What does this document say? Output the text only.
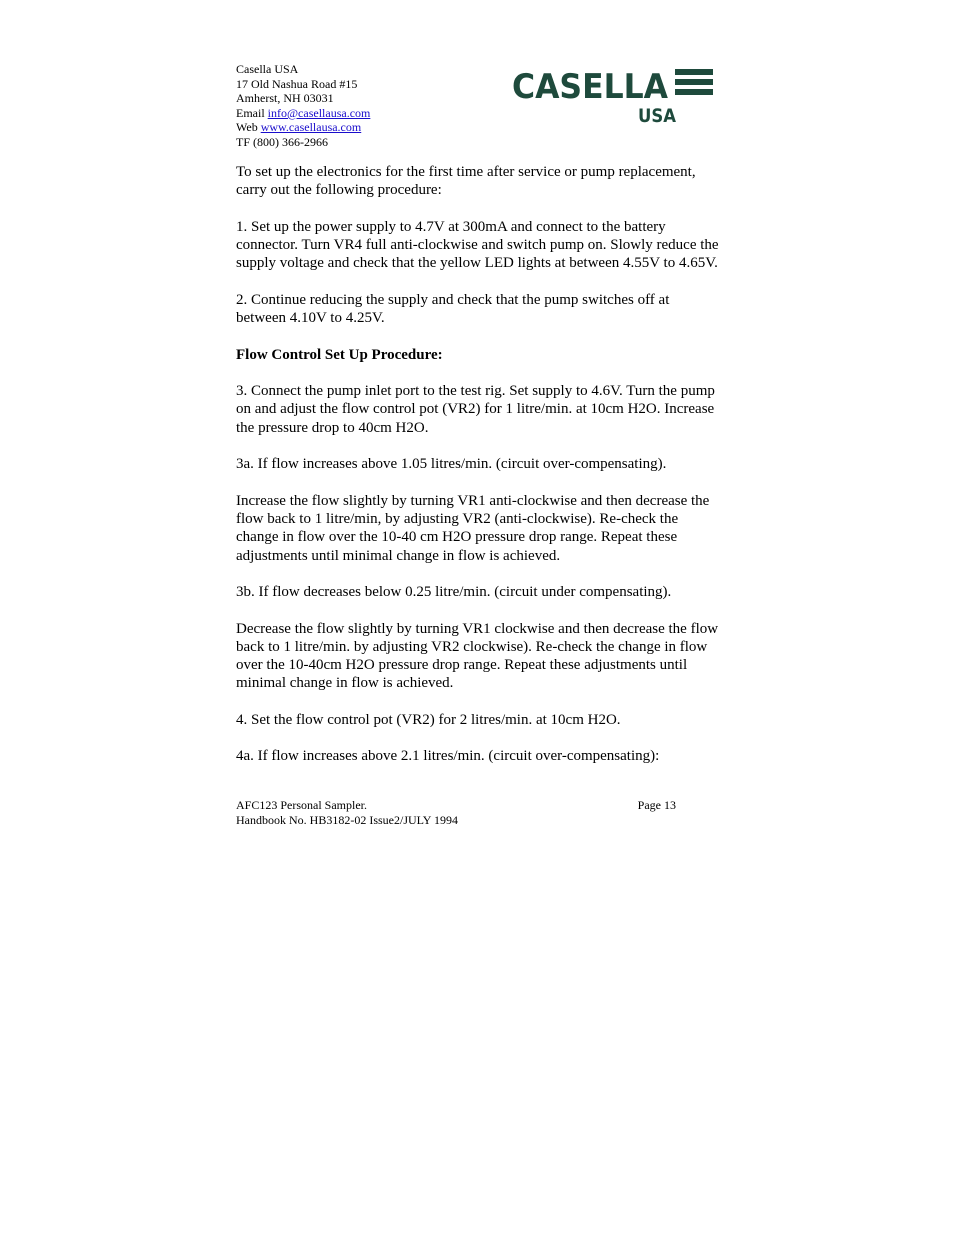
Casella USA
17 Old Nashua Road #15
Amherst, NH 03031
Email info@casellausa.com
Web www.casellausa.com
TF (800) 366-2966
CASELLA
USA

To set up the electronics for the first time after service or pump replacement, carry out the following procedure:

1. Set up the power supply to 4.7V at 300mA and connect to the battery connector. Turn VR4 full anti-clockwise and switch pump on. Slowly reduce the supply voltage and check that the yellow LED lights at between 4.55V to 4.65V.

2. Continue reducing the supply and check that the pump switches off at between 4.10V to 4.25V.

Flow Control Set Up Procedure:

3. Connect the pump inlet port to the test rig. Set supply to 4.6V. Turn the pump on and adjust the flow control pot (VR2) for 1 litre/min. at 10cm H2O. Increase the pressure drop to 40cm H2O.

3a. If flow increases above 1.05 litres/min. (circuit over-compensating).

Increase the flow slightly by turning VR1 anti-clockwise and then decrease the flow back to 1 litre/min, by adjusting VR2 (anti-clockwise). Re-check the change in flow over the 10-40 cm H2O pressure drop range. Repeat these adjustments until minimal change in flow is achieved.

3b. If flow decreases below 0.25 litre/min. (circuit under compensating).

Decrease the flow slightly by turning VR1 clockwise and then decrease the flow back to 1 litre/min. by adjusting VR2 clockwise). Re-check the change in flow over the 10-40cm H2O pressure drop range. Repeat these adjustments until minimal change in flow is achieved.

4. Set the flow control pot (VR2) for 2 litres/min. at 10cm H2O.

4a. If flow increases above 2.1 litres/min. (circuit over-compensating):

AFC123 Personal Sampler.	Page 13
Handbook No. HB3182-02 Issue2/JULY 1994
